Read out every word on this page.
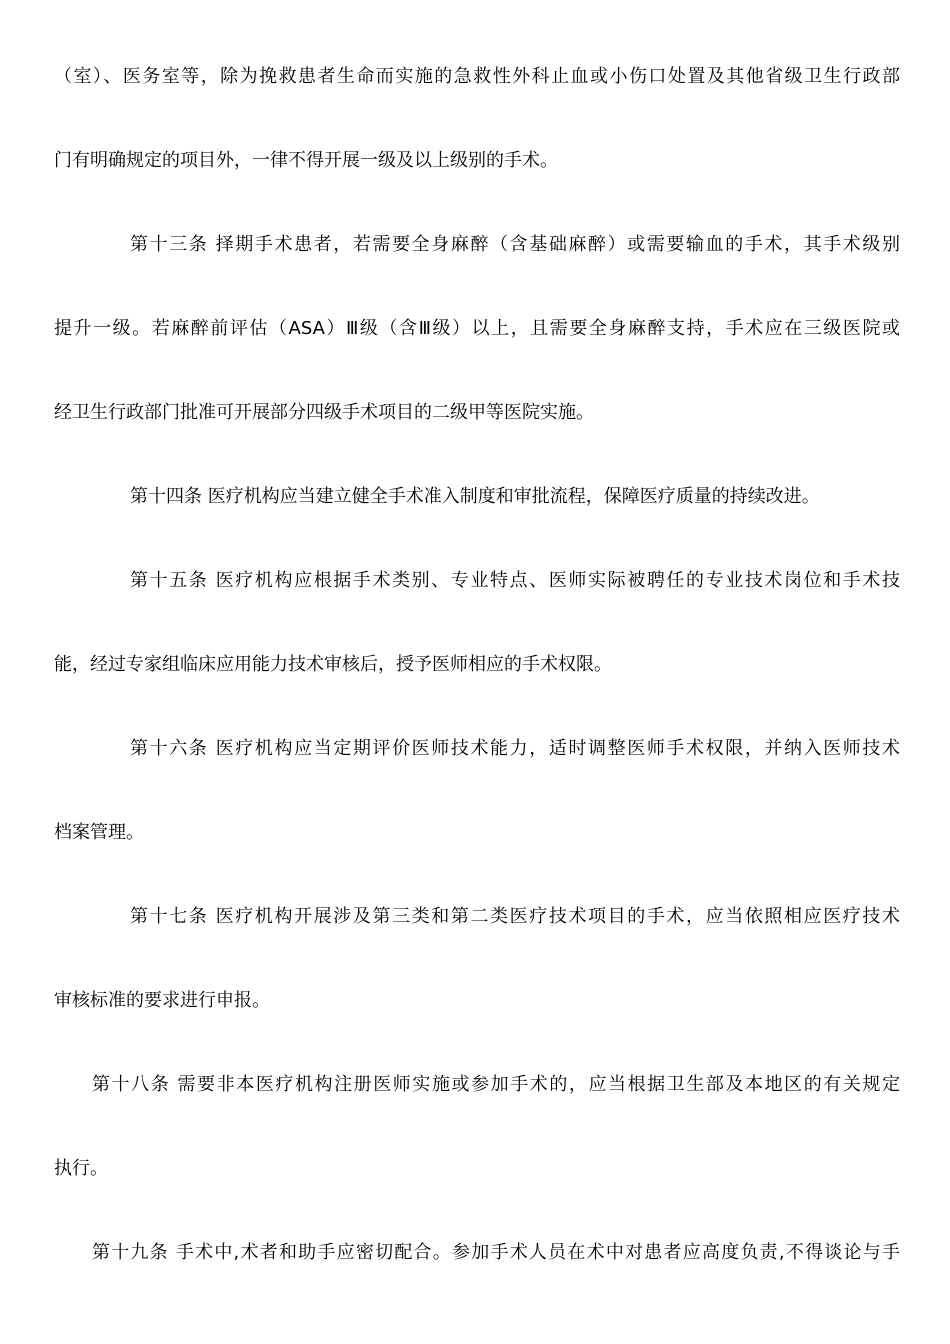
（室）、医务室等，除为挽救患者生命而实施的急救性外科止血或小伤口处置及其他省级卫生行政部
门有明确规定的项目外，一律不得开展一级及以上级别的手术。
第十三条 择期手术患者，若需要全身麻醉（含基础麻醉）或需要输血的手术，其手术级别
提升一级。若麻醉前评估（ASA）Ⅲ级（含Ⅲ级）以上，且需要全身麻醉支持，手术应在三级医院或
经卫生行政部门批准可开展部分四级手术项目的二级甲等医院实施。
第十四条 医疗机构应当建立健全手术准入制度和审批流程，保障医疗质量的持续改进。
第十五条 医疗机构应根据手术类别、专业特点、医师实际被聘任的专业技术岗位和手术技
能，经过专家组临床应用能力技术审核后，授予医师相应的手术权限。
第十六条 医疗机构应当定期评价医师技术能力，适时调整医师手术权限，并纳入医师技术
档案管理。
第十七条 医疗机构开展涉及第三类和第二类医疗技术项目的手术，应当依照相应医疗技术
审核标准的要求进行申报。
第十八条 需要非本医疗机构注册医师实施或参加手术的，应当根据卫生部及本地区的有关规定
执行。
第十九条 手术中,术者和助手应密切配合。参加手术人员在术中对患者应高度负责,不得谈论与手
